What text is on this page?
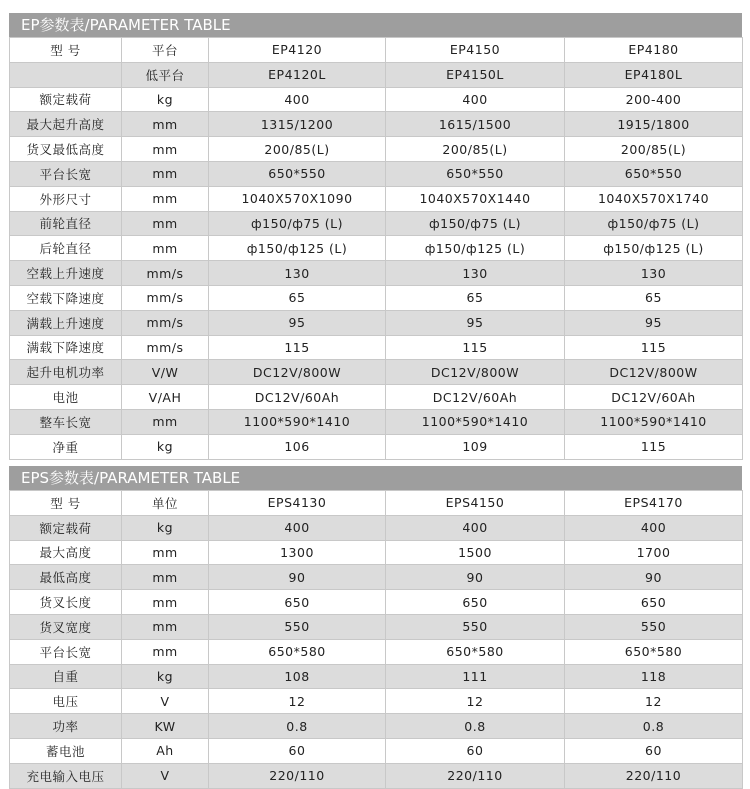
EP参数表/PARAMETER TABLE
型 号	平台	EP4120	EP4150	EP4180
	低平台	EP4120L	EP4150L	EP4180L
额定载荷	kg	400	400	200-400
最大起升高度	mm	1315/1200	1615/1500	1915/1800
货叉最低高度	mm	200/85(L)	200/85(L)	200/85(L)
平台长宽	mm	650*550	650*550	650*550
外形尺寸	mm	1040X570X1090	1040X570X1440	1040X570X1740
前轮直径	mm	ф150/ф75 (L)	ф150/ф75 (L)	ф150/ф75 (L)
后轮直径	mm	ф150/ф125 (L)	ф150/ф125 (L)	ф150/ф125 (L)
空载上升速度	mm/s	130	130	130
空载下降速度	mm/s	65	65	65
满载上升速度	mm/s	95	95	95
满载下降速度	mm/s	115	115	115
起升电机功率	V/W	DC12V/800W	DC12V/800W	DC12V/800W
电池	V/AH	DC12V/60Ah	DC12V/60Ah	DC12V/60Ah
整车长宽	mm	1100*590*1410	1100*590*1410	1100*590*1410
净重	kg	106	109	115
EPS参数表/PARAMETER TABLE
型 号	单位	EPS4130	EPS4150	EPS4170
额定载荷	kg	400	400	400
最大高度	mm	1300	1500	1700
最低高度	mm	90	90	90
货叉长度	mm	650	650	650
货叉宽度	mm	550	550	550
平台长宽	mm	650*580	650*580	650*580
自重	kg	108	111	118
电压	V	12	12	12
功率	KW	0.8	0.8	0.8
蓄电池	Ah	60	60	60
充电输入电压	V	220/110	220/110	220/110
